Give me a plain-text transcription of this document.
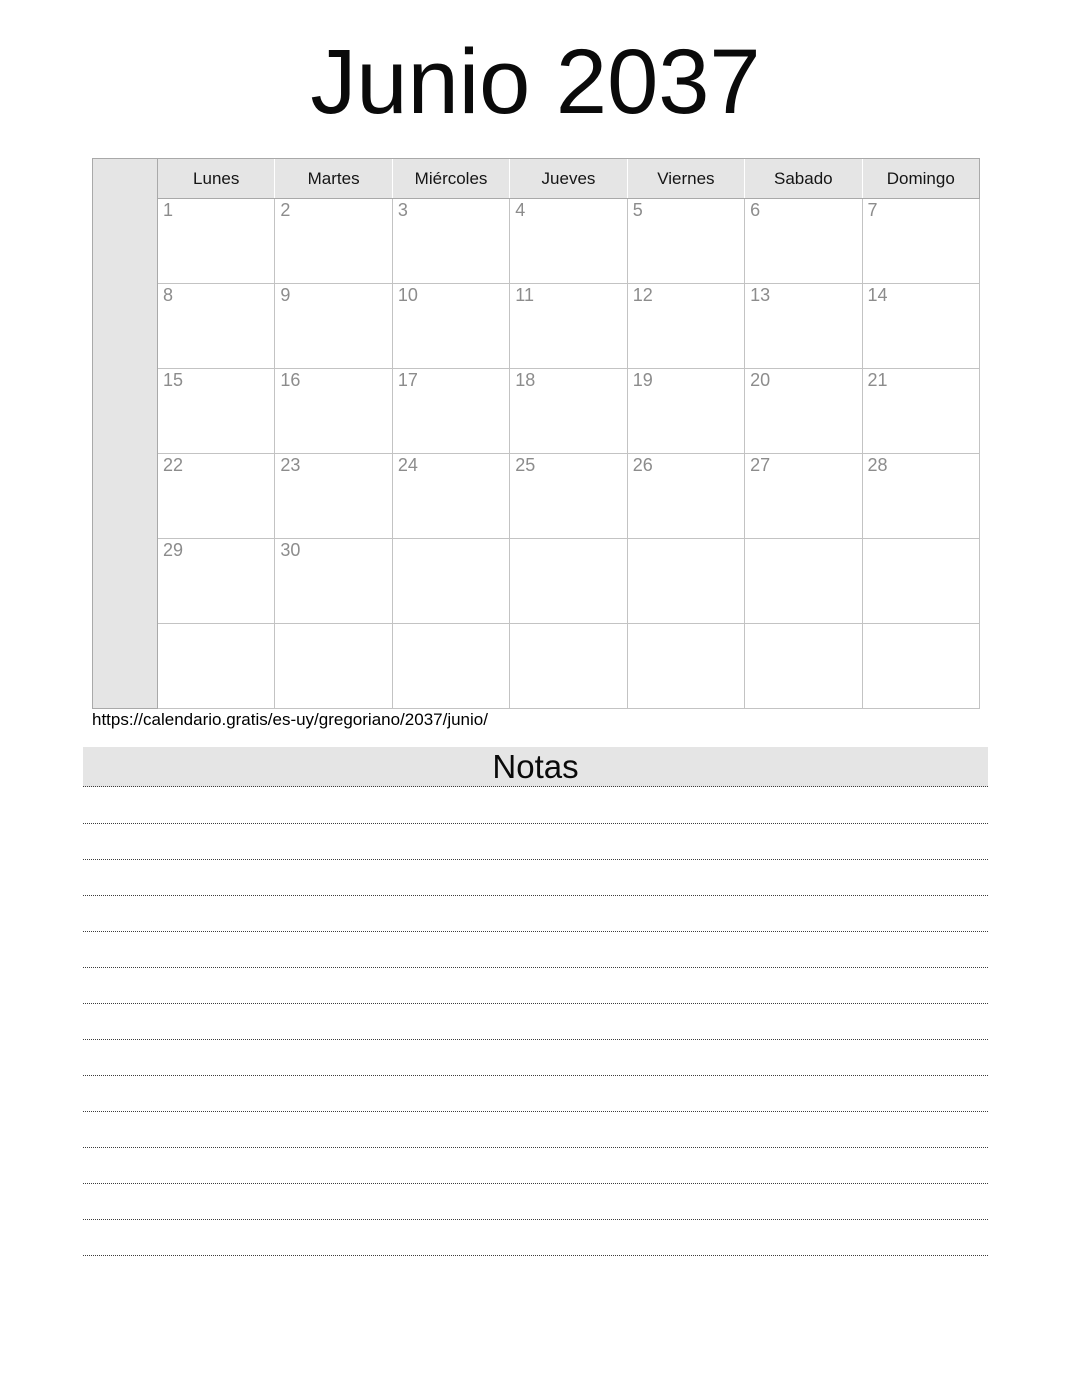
Junio 2037
	Lunes	Martes	Miércoles	Jueves	Viernes	Sabado	Domingo
	1	2	3	4	5	6	7
	8	9	10	11	12	13	14
	15	16	17	18	19	20	21
	22	23	24	25	26	27	28
	29	30					

https://calendario.gratis/es-uy/gregoriano/2037/junio/
Notas
